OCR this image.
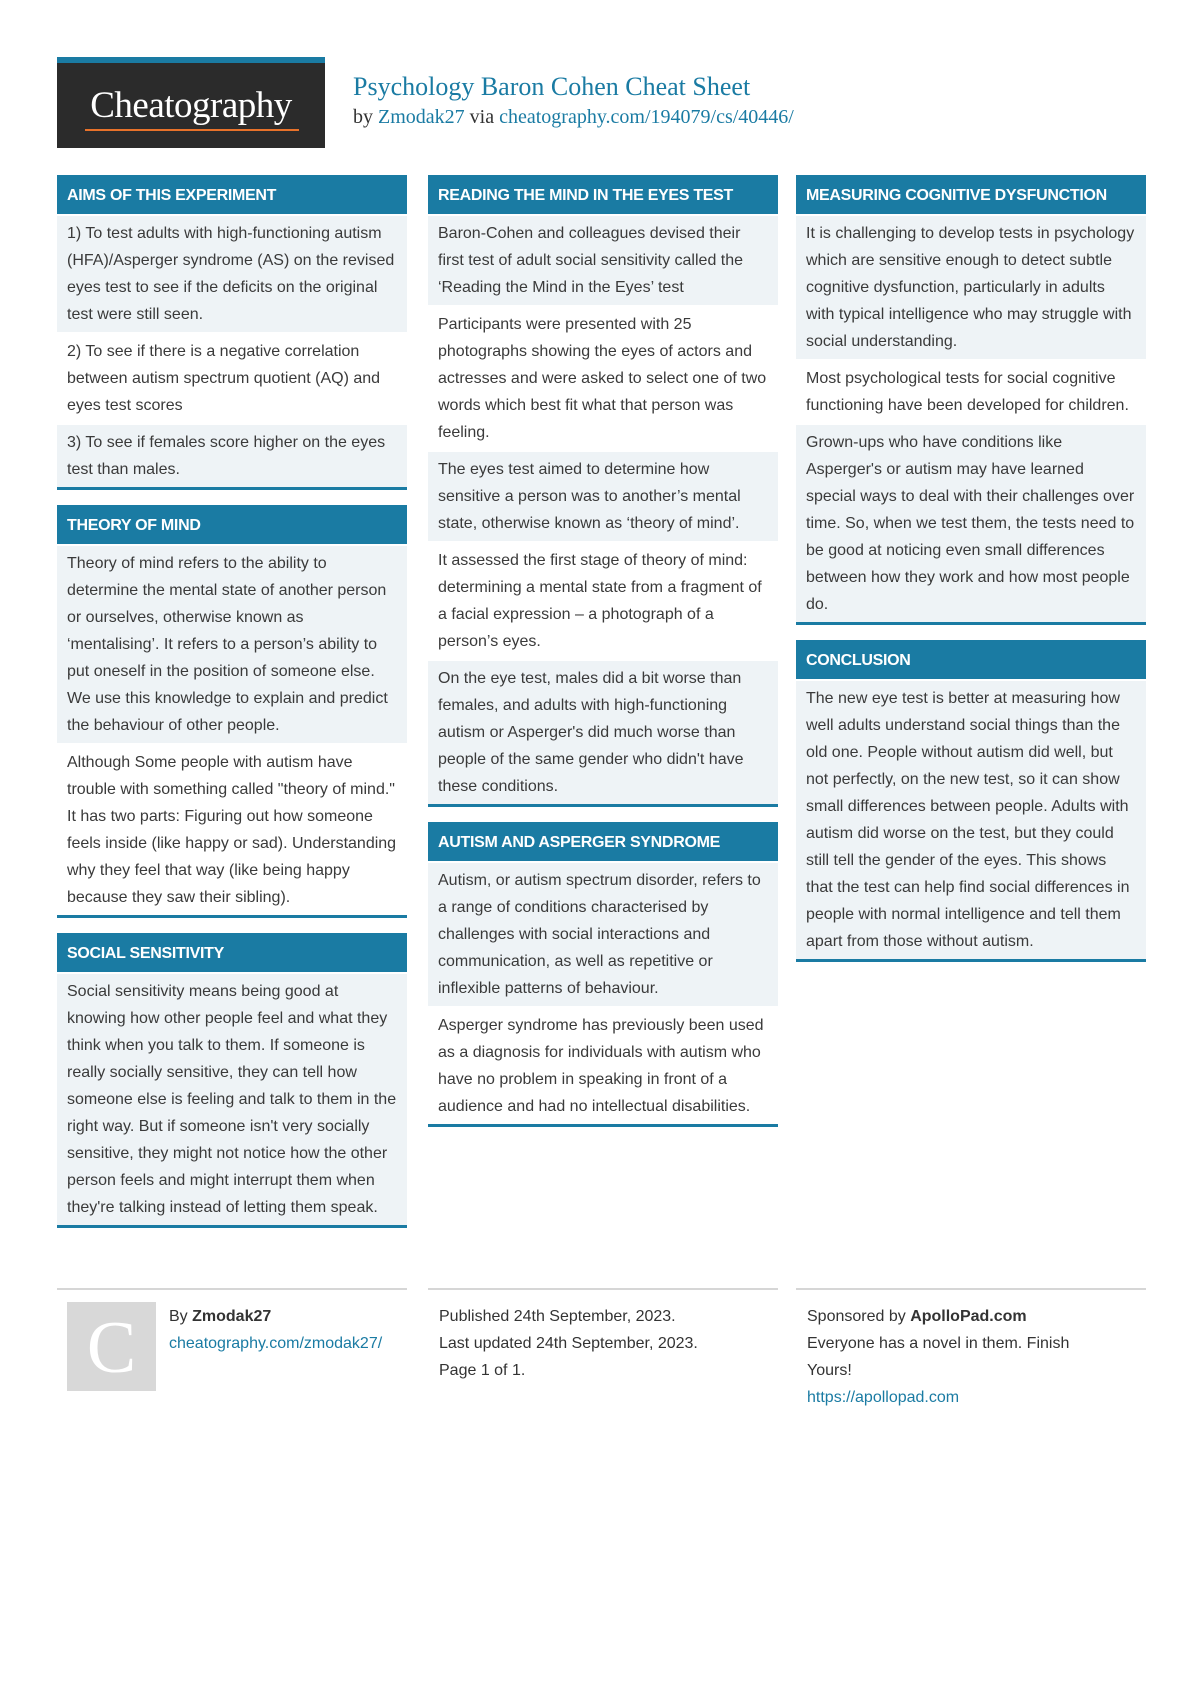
Cheatography	Psychology Baron Cohen Cheat Sheet
by Zmodak27 via cheatography.com/194079/cs/40446/
AIMS OF THIS EXPERIMENT
1) To test adults with high-functioning autism (HFA)/Asperger syndrome (AS) on the revised eyes test to see if the deficits on the original test were still seen.
2) To see if there is a negative correlation between autism spectrum quotient (AQ) and eyes test scores
3) To see if females score higher on the eyes test than males.
THEORY OF MIND
Theory of mind refers to the ability to determine the mental state of another person or ourselves, otherwise known as ‘mentalising’. It refers to a person’s ability to put oneself in the position of someone else. We use this knowledge to explain and predict the behaviour of other people.
Although Some people with autism have trouble with something called "theory of mind." It has two parts: Figuring out how someone feels inside (like happy or sad). Understanding why they feel that way (like being happy because they saw their sibling).
SOCIAL SENSITIVITY
Social sensitivity means being good at knowing how other people feel and what they think when you talk to them. If someone is really socially sensitive, they can tell how someone else is feeling and talk to them in the right way. But if someone isn't very socially sensitive, they might not notice how the other person feels and might interrupt them when they're talking instead of letting them speak.
READING THE MIND IN THE EYES TEST
Baron-Cohen and colleagues devised their first test of adult social sensitivity called the ‘Reading the Mind in the Eyes’ test
Participants were presented with 25 photographs showing the eyes of actors and actresses and were asked to select one of two words which best fit what that person was feeling.
The eyes test aimed to determine how sensitive a person was to another’s mental state, otherwise known as ‘theory of mind’.
It assessed the first stage of theory of mind: determining a mental state from a fragment of a facial expression – a photograph of a person’s eyes.
On the eye test, males did a bit worse than females, and adults with high-functioning autism or Asperger's did much worse than people of the same gender who didn't have these conditions.
AUTISM AND ASPERGER SYNDROME
Autism, or autism spectrum disorder, refers to a range of conditions characterised by challenges with social interactions and communication, as well as repetitive or inflexible patterns of behaviour.
Asperger syndrome has previously been used as a diagnosis for individuals with autism who have no problem in speaking in front of a audience and had no intellectual disabilities.
MEASURING COGNITIVE DYSFUNCTION
It is challenging to develop tests in psychology which are sensitive enough to detect subtle cognitive dysfunction, particularly in adults with typical intelligence who may struggle with social understanding.
Most psychological tests for social cognitive functioning have been developed for children.
Grown-ups who have conditions like Asperger's or autism may have learned special ways to deal with their challenges over time. So, when we test them, the tests need to be good at noticing even small differences between how they work and how most people do.
CONCLUSION
The new eye test is better at measuring how well adults understand social things than the old one. People without autism did well, but not perfectly, on the new test, so it can show small differences between people. Adults with autism did worse on the test, but they could still tell the gender of the eyes. This shows that the test can help find social differences in people with normal intelligence and tell them apart from those without autism.
C	By Zmodak27
cheatography.com/zmodak27/
Published 24th September, 2023.
Last updated 24th September, 2023.
Page 1 of 1.
Sponsored by ApolloPad.com
Everyone has a novel in them. Finish Yours!
https://apollopad.com
